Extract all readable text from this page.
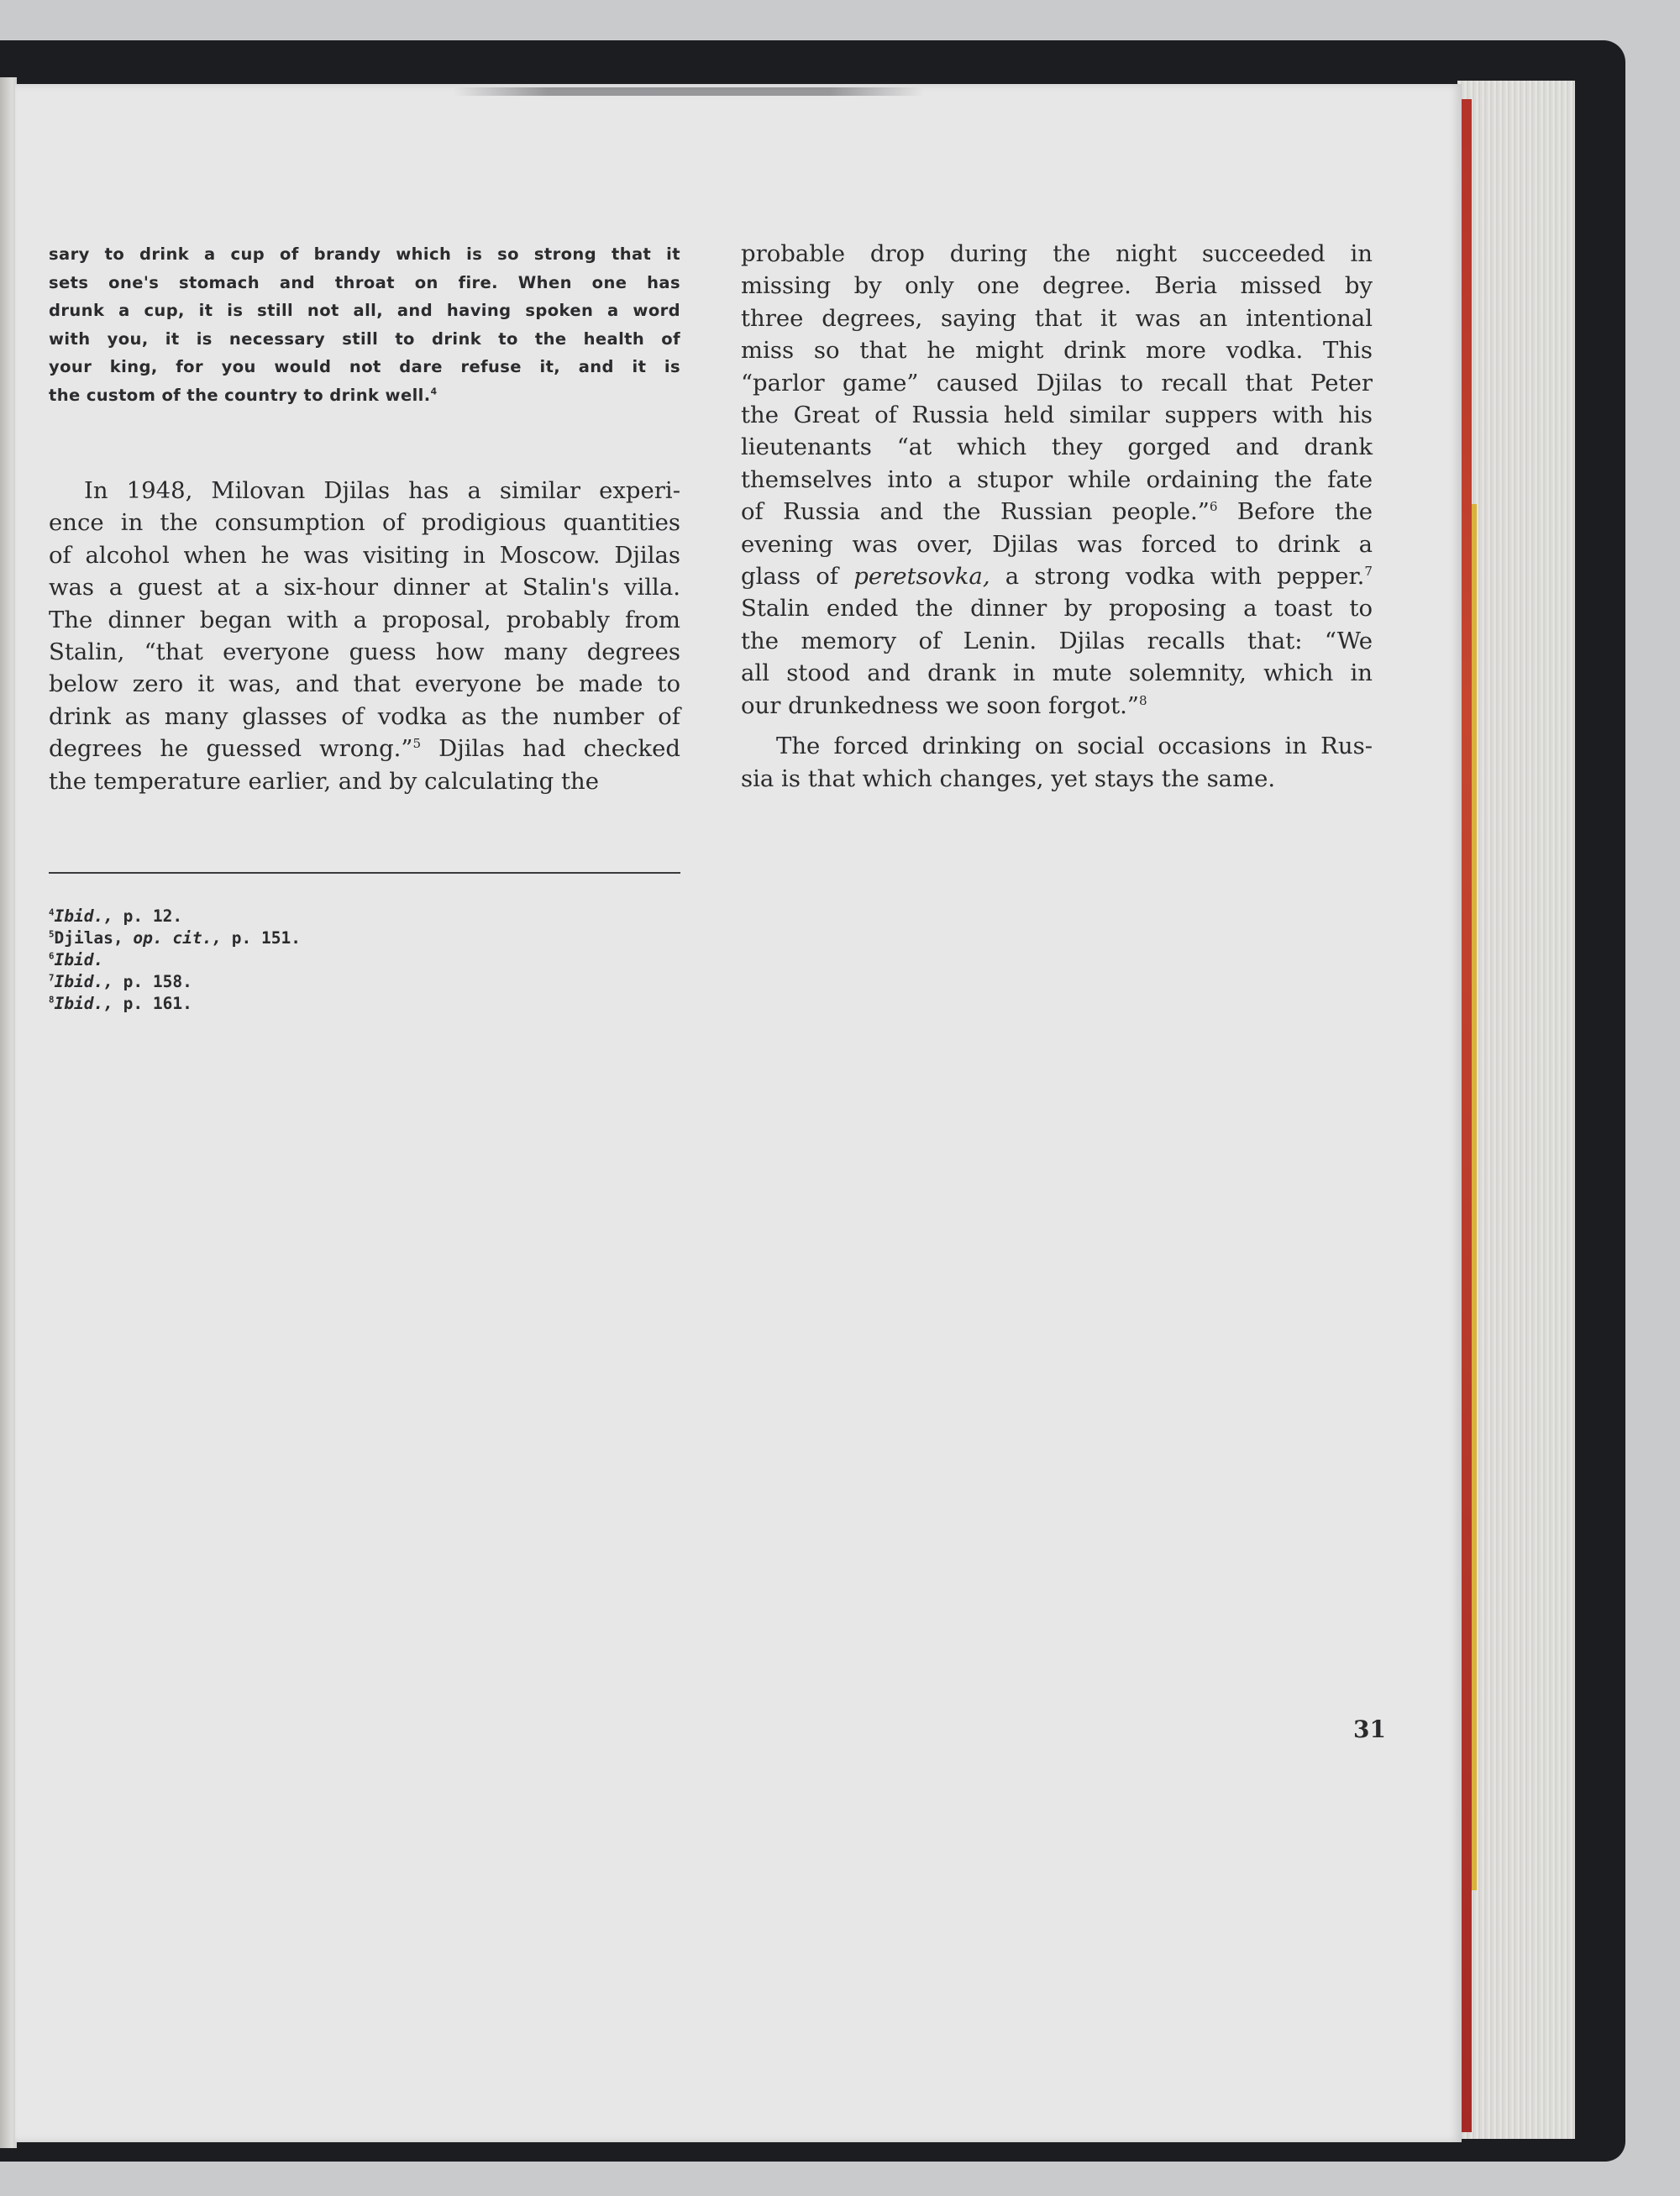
sary to drink a cup of brandy which is so strong that it
sets one's stomach and throat on fire. When one has
drunk a cup, it is still not all, and having spoken a word
with you, it is necessary still to drink to the health of
your king, for you would not dare refuse it, and it is
the custom of the country to drink well.$^4$
In 1948, Milovan Djilas has a similar experi-
ence in the consumption of prodigious quantities
of alcohol when he was visiting in Moscow. Djilas
was a guest at a six-hour dinner at Stalin's villa.
The dinner began with a proposal, probably from
Stalin, “that everyone guess how many degrees
below zero it was, and that everyone be made to
drink as many glasses of vodka as the number of
degrees he guessed wrong.”$^5$ Djilas had checked
the temperature earlier, and by calculating the
probable drop during the night succeeded in
missing by only one degree. Beria missed by
three degrees, saying that it was an intentional
miss so that he might drink more vodka. This
“parlor game” caused Djilas to recall that Peter
the Great of Russia held similar suppers with his
lieutenants “at which they gorged and drank
themselves into a stupor while ordaining the fate
of Russia and the Russian people.”$^6$ Before the
evening was over, Djilas was forced to drink a
glass of peretsovka, a strong vodka with pepper.$^7$
Stalin ended the dinner by proposing a toast to
the memory of Lenin. Djilas recalls that: “We
all stood and drank in mute solemnity, which in
our drunkedness we soon forgot.”$^8$
The forced drinking on social occasions in Rus-
sia is that which changes, yet stays the same.
$^4$Ibid., p. 12.
$^5$Djilas, op. cit., p. 151.
$^6$Ibid.
$^7$Ibid., p. 158.
$^8$Ibid., p. 161.
31
